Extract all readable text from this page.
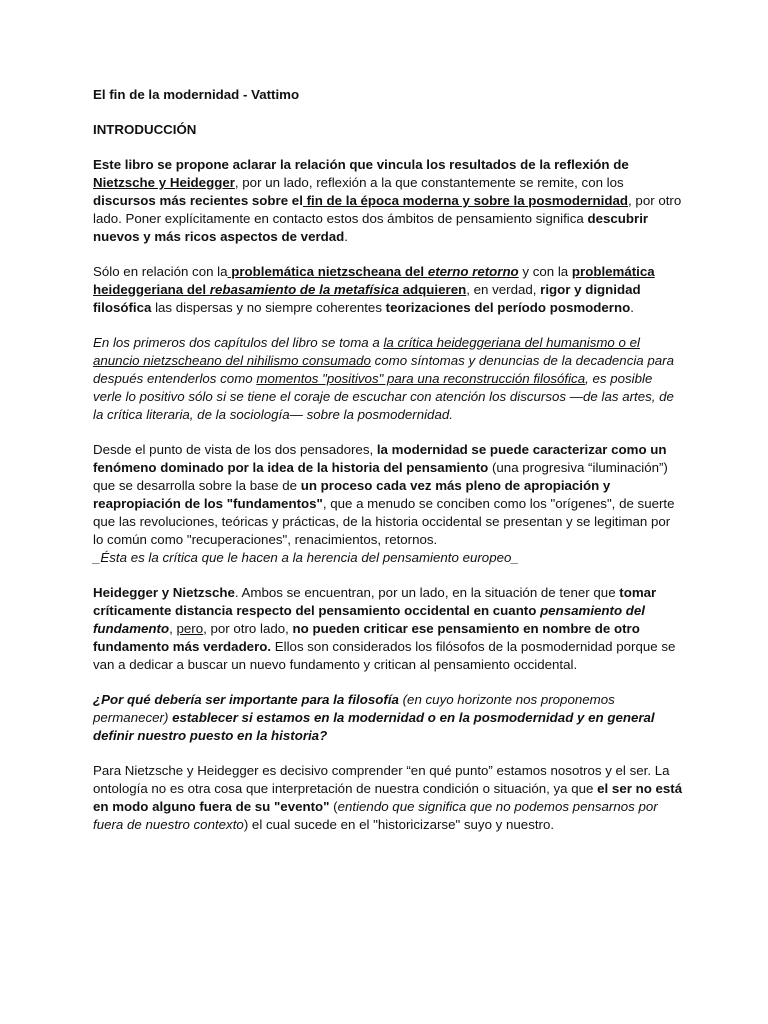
El fin de la modernidad - Vattimo

INTRODUCCIÓN

Este libro se propone aclarar la relación que vincula los resultados de la reflexión de Nietzsche y Heidegger, por un lado, reflexión a la que constantemente se remite, con los discursos más recientes sobre el fin de la época moderna y sobre la posmodernidad, por otro lado. Poner explícitamente en contacto estos dos ámbitos de pensamiento significa descubrir nuevos y más ricos aspectos de verdad.

Sólo en relación con la problemática nietzscheana del eterno retorno y con la problemática heideggeriana del rebasamiento de la metafísica adquieren, en verdad, rigor y dignidad filosófica las dispersas y no siempre coherentes teorizaciones del período posmoderno.

En los primeros dos capítulos del libro se toma a la crítica heideggeriana del humanismo o el anuncio nietzscheano del nihilismo consumado como síntomas y denuncias de la decadencia para después entenderlos como momentos "positivos" para una reconstrucción filosófica, es posible verle lo positivo sólo si se tiene el coraje de escuchar con atención los discursos —de las artes, de la crítica literaria, de la sociología— sobre la posmodernidad.

Desde el punto de vista de los dos pensadores, la modernidad se puede caracterizar como un fenómeno dominado por la idea de la historia del pensamiento (una progresiva “iluminación”) que se desarrolla sobre la base de un proceso cada vez más pleno de apropiación y reapropiación de los "fundamentos", que a menudo se conciben como los "orígenes", de suerte que las revoluciones, teóricas y prácticas, de la historia occidental se presentan y se legitiman por lo común como "recuperaciones", renacimientos, retornos.

_Ésta es la crítica que le hacen a la herencia del pensamiento europeo_

Heidegger y Nietzsche. Ambos se encuentran, por un lado, en la situación de tener que tomar críticamente distancia respecto del pensamiento occidental en cuanto pensamiento del fundamento, pero, por otro lado, no pueden criticar ese pensamiento en nombre de otro fundamento más verdadero. Ellos son considerados los filósofos de la posmodernidad porque se van a dedicar a buscar un nuevo fundamento y critican al pensamiento occidental.

¿Por qué debería ser importante para la filosofía (en cuyo horizonte nos proponemos permanecer) establecer si estamos en la modernidad o en la posmodernidad y en general definir nuestro puesto en la historia?

Para Nietzsche y Heidegger es decisivo comprender “en qué punto” estamos nosotros y el ser. La ontología no es otra cosa que interpretación de nuestra condición o situación, ya que el ser no está en modo alguno fuera de su "evento" (entiendo que significa que no podemos pensarnos por fuera de nuestro contexto) el cual sucede en el "historicizarse" suyo y nuestro.
